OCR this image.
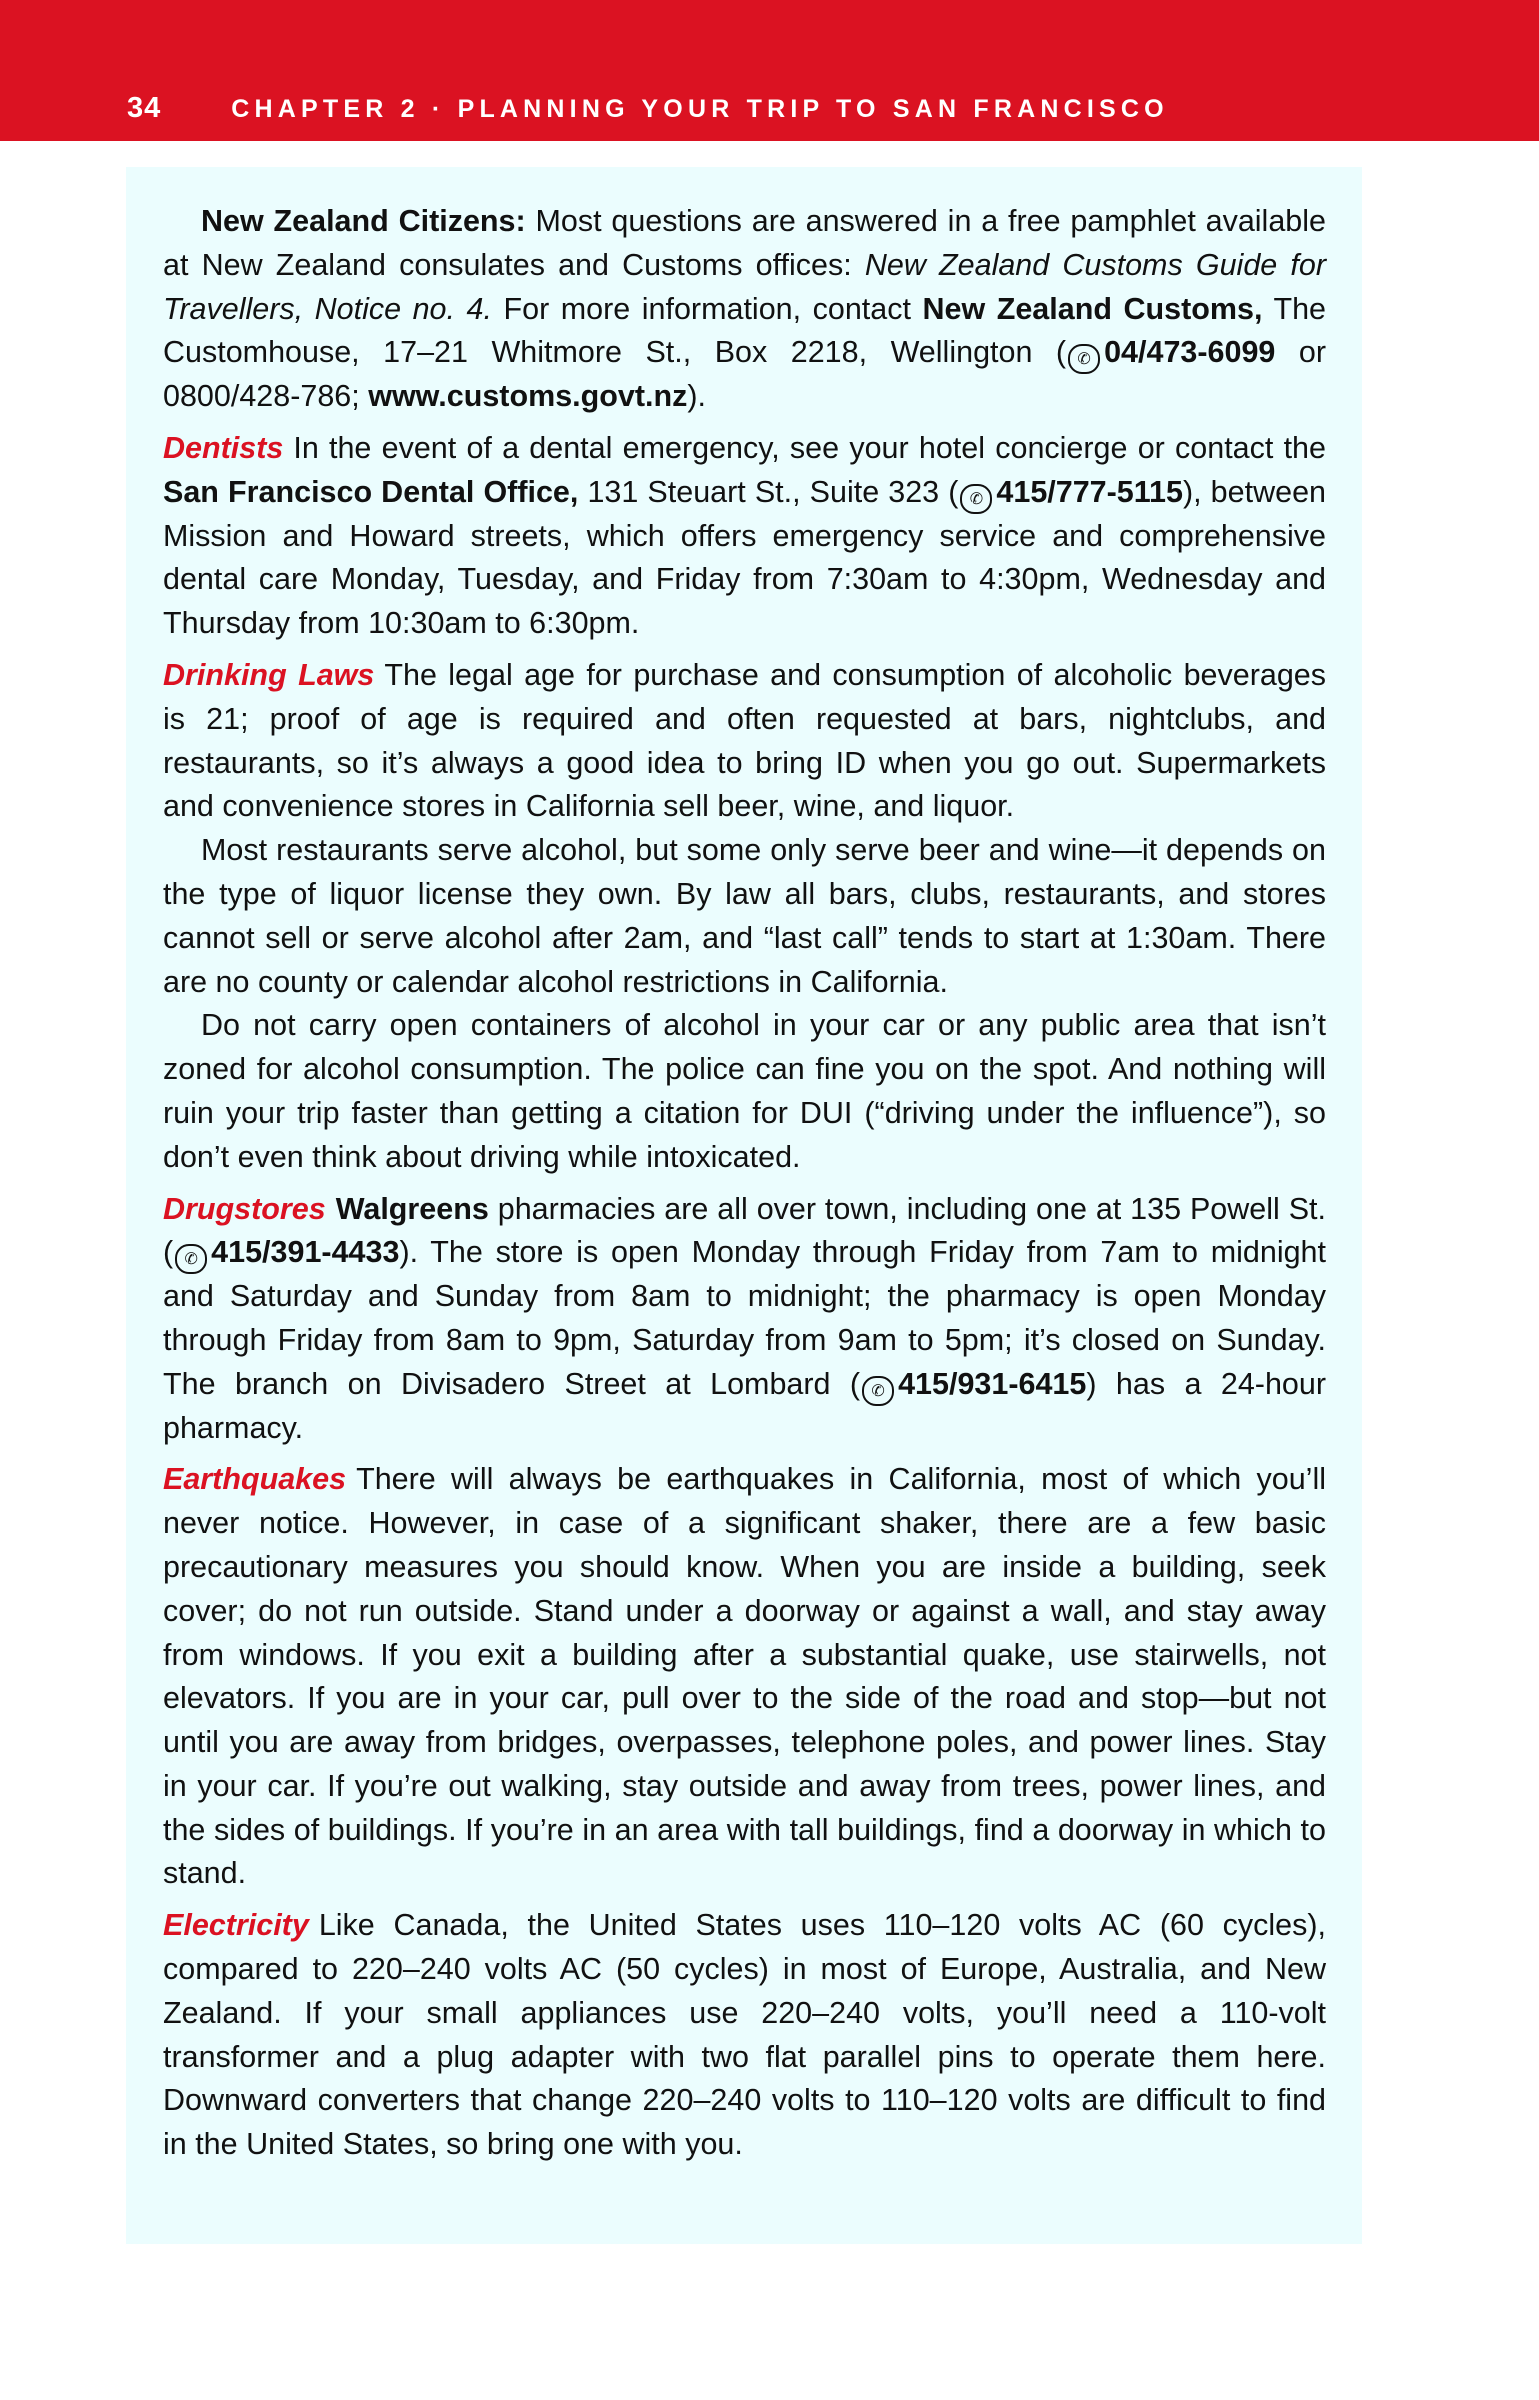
34	CHAPTER 2 · PLANNING YOUR TRIP TO SAN FRANCISCO

New Zealand Citizens: Most questions are answered in a free pamphlet available at New Zealand consulates and Customs offices: New Zealand Customs Guide for Travellers, Notice no. 4. For more information, contact New Zealand Customs, The Customhouse, 17–21 Whitmore St., Box 2218, Wellington ( ✆ 04/473-6099 or 0800/428-786; www.customs.govt.nz).

Dentists In the event of a dental emergency, see your hotel concierge or contact the San Francisco Dental Office, 131 Steuart St., Suite 323 ( ✆ 415/777-5115), between Mission and Howard streets, which offers emergency service and comprehensive dental care Monday, Tuesday, and Friday from 7:30am to 4:30pm, Wednesday and Thursday from 10:30am to 6:30pm.

Drinking Laws The legal age for purchase and consumption of alcoholic beverages is 21; proof of age is required and often requested at bars, nightclubs, and restaurants, so it’s always a good idea to bring ID when you go out. Supermarkets and convenience stores in California sell beer, wine, and liquor.

Most restaurants serve alcohol, but some only serve beer and wine—it depends on the type of liquor license they own. By law all bars, clubs, restaurants, and stores cannot sell or serve alcohol after 2am, and “last call” tends to start at 1:30am. There are no county or calendar alcohol restrictions in California.

Do not carry open containers of alcohol in your car or any public area that isn’t zoned for alcohol consumption. The police can fine you on the spot. And nothing will ruin your trip faster than getting a citation for DUI (“driving under the influence”), so don’t even think about driving while intoxicated.

Drugstores Walgreens pharmacies are all over town, including one at 135 Powell St. ( ✆ 415/391-4433). The store is open Monday through Friday from 7am to midnight and Saturday and Sunday from 8am to midnight; the pharmacy is open Monday through Friday from 8am to 9pm, Saturday from 9am to 5pm; it’s closed on Sunday. The branch on Divisadero Street at Lombard ( ✆ 415/931-6415) has a 24-hour pharmacy.

Earthquakes There will always be earthquakes in California, most of which you’ll never notice. However, in case of a significant shaker, there are a few basic precautionary measures you should know. When you are inside a building, seek cover; do not run outside. Stand under a doorway or against a wall, and stay away from windows. If you exit a building after a substantial quake, use stairwells, not elevators. If you are in your car, pull over to the side of the road and stop—but not until you are away from bridges, overpasses, telephone poles, and power lines. Stay in your car. If you’re out walking, stay outside and away from trees, power lines, and the sides of buildings. If you’re in an area with tall buildings, find a doorway in which to stand.

Electricity Like Canada, the United States uses 110–120 volts AC (60 cycles), compared to 220–240 volts AC (50 cycles) in most of Europe, Australia, and New Zealand. If your small appliances use 220–240 volts, you’ll need a 110-volt transformer and a plug adapter with two flat parallel pins to operate them here. Downward converters that change 220–240 volts to 110–120 volts are difficult to find in the United States, so bring one with you.
